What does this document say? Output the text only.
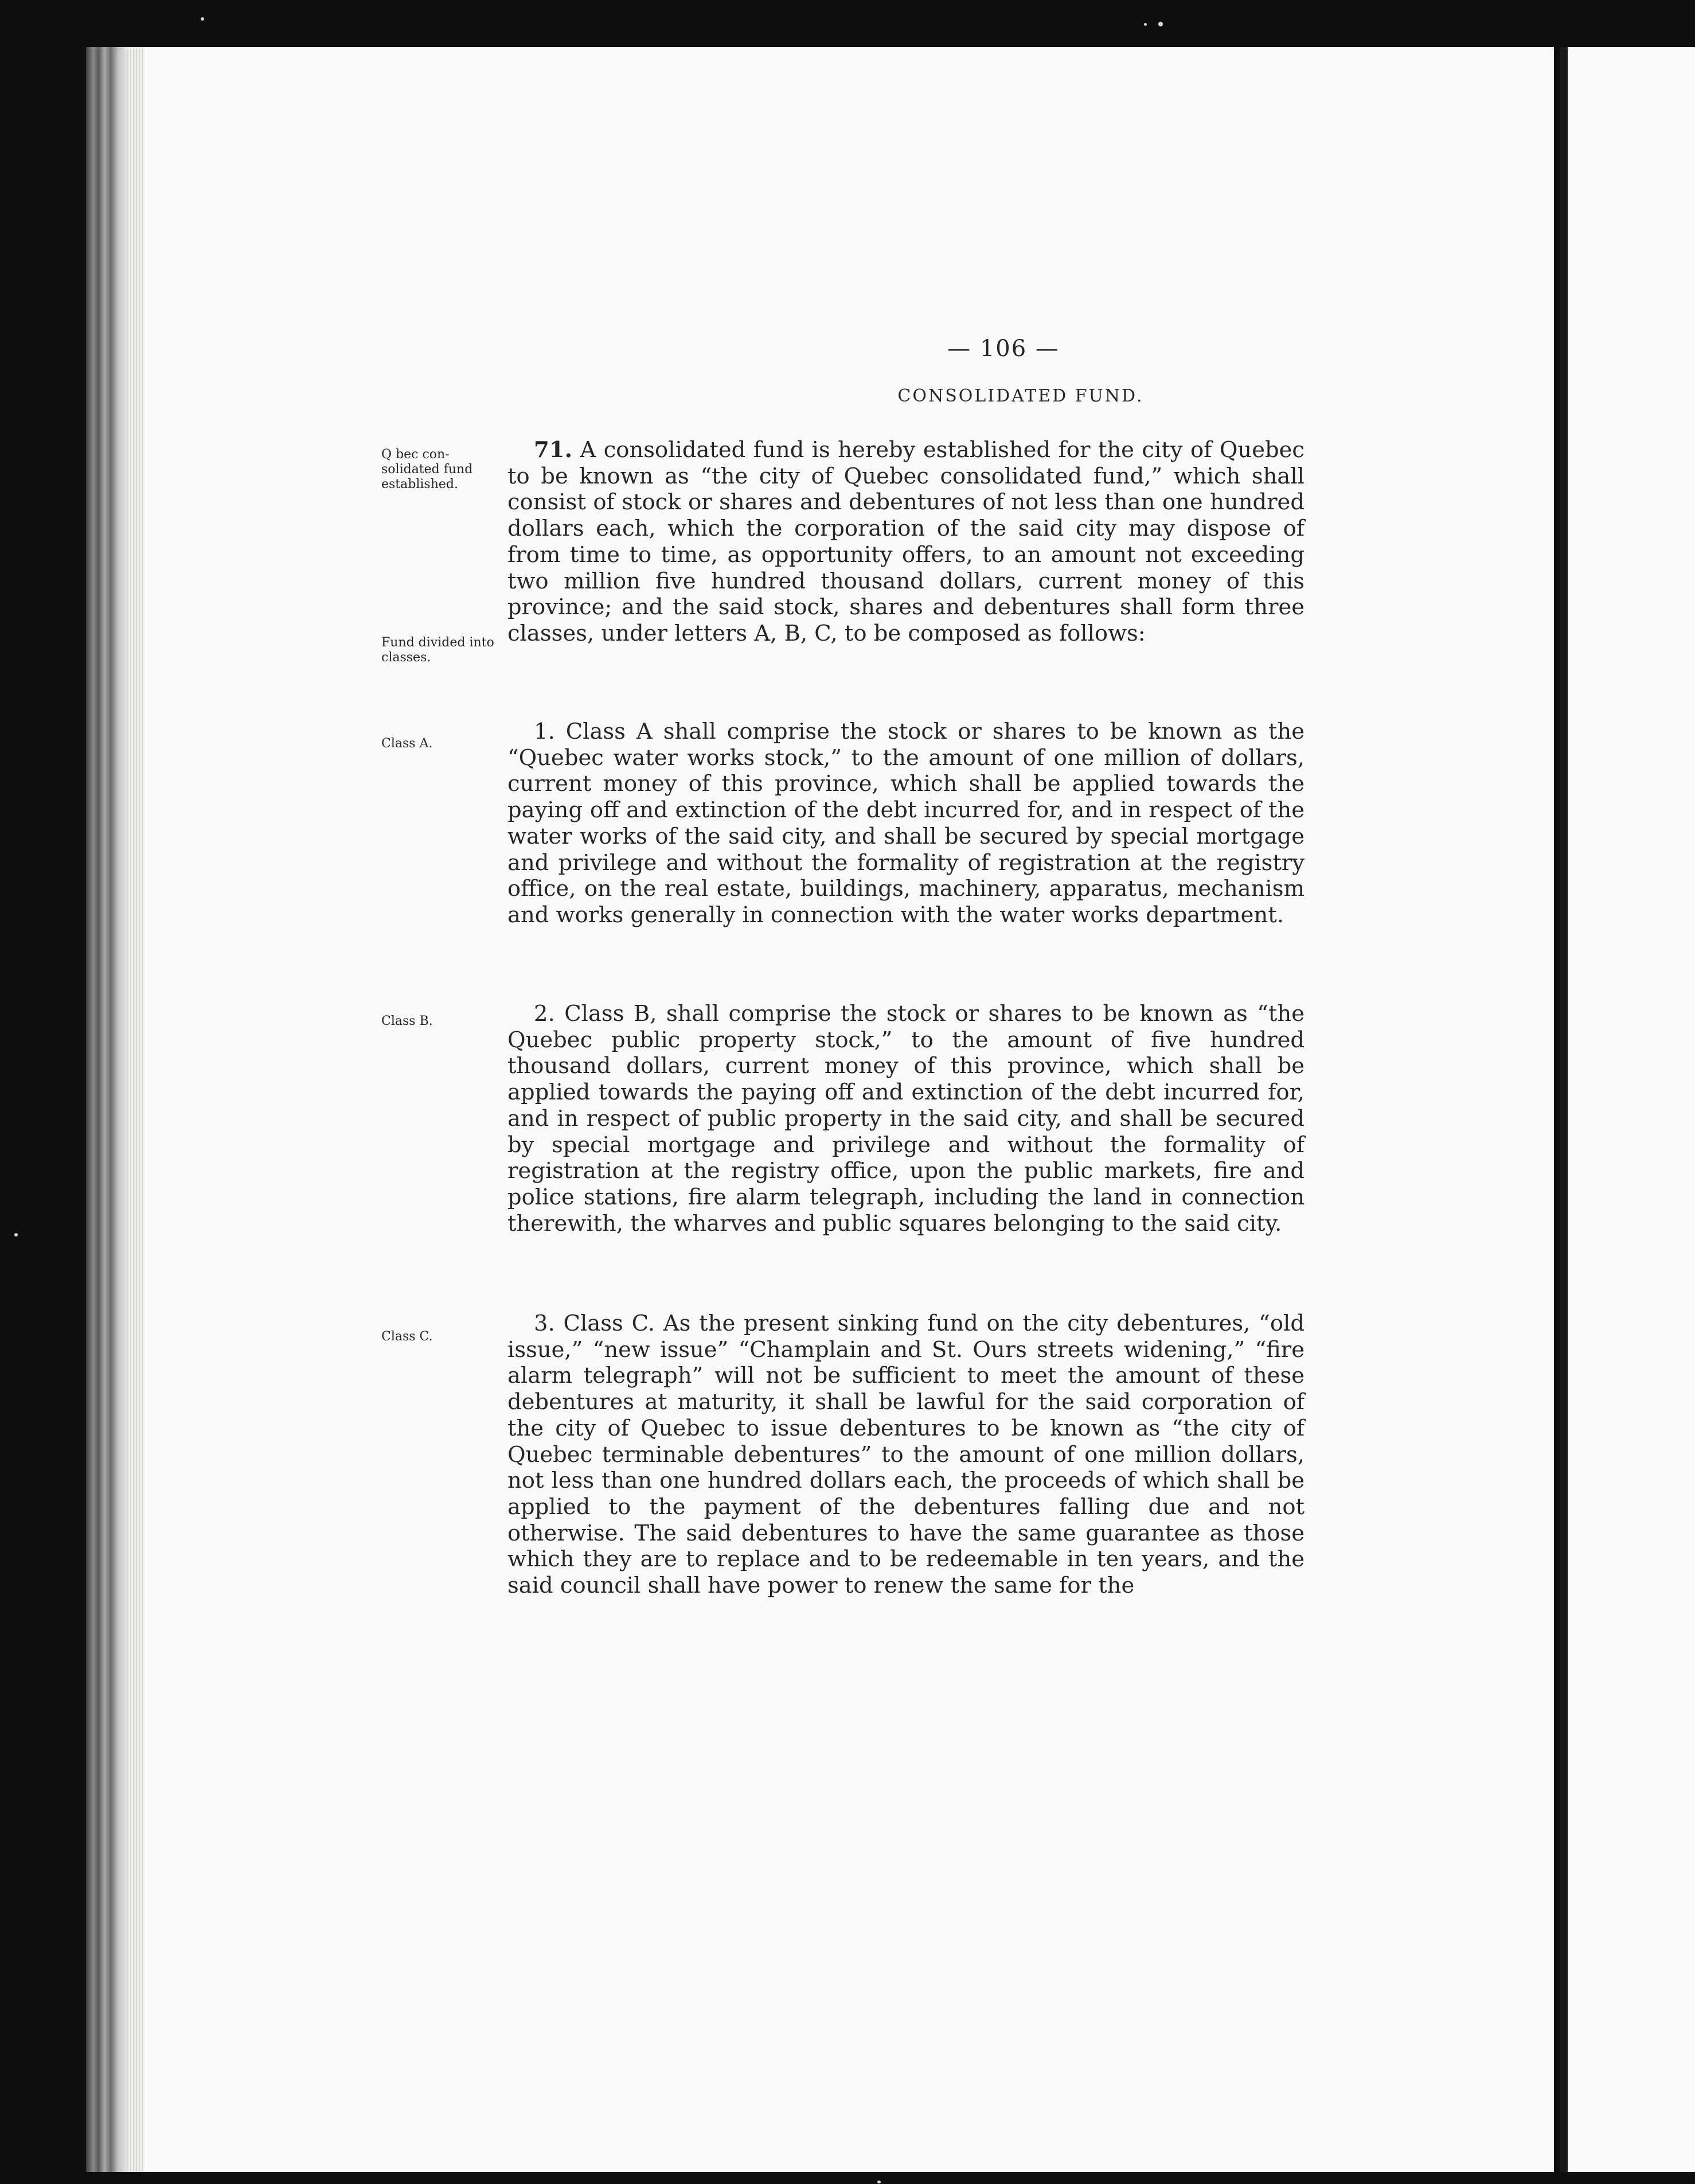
— 106 —
CONSOLIDATED FUND.
Q bec con-solidated fund established.
Fund divided into classes.
Class A.
Class B.
Class C.

71. A consolidated fund is hereby established for the city of Quebec to be known as “the city of Quebec consolidated fund,” which shall consist of stock or shares and debentures of not less than one hundred dollars each, which the corporation of the said city may dispose of from time to time, as opportunity offers, to an amount not exceeding two million five hundred thousand dollars, current money of this province; and the said stock, shares and debentures shall form three classes, under letters A, B, C, to be composed as follows:

1. Class A shall comprise the stock or shares to be known as the “Quebec water works stock,” to the amount of one million of dollars, current money of this province, which shall be applied towards the paying off and extinction of the debt incurred for, and in respect of the water works of the said city, and shall be secured by special mortgage and privilege and without the formality of registration at the registry office, on the real estate, buildings, machinery, apparatus, mechanism and works generally in connection with the water works department.

2. Class B, shall comprise the stock or shares to be known as “the Quebec public property stock,” to the amount of five hundred thousand dollars, current money of this province, which shall be applied towards the paying off and extinction of the debt incurred for, and in respect of public property in the said city, and shall be secured by special mortgage and privilege and without the formality of registration at the registry office, upon the public markets, fire and police stations, fire alarm telegraph, including the land in connection therewith, the wharves and public squares belonging to the said city.

3. Class C. As the present sinking fund on the city debentures, “old issue,” “new issue” “Champlain and St. Ours streets widening,” “fire alarm telegraph” will not be sufficient to meet the amount of these debentures at maturity, it shall be lawful for the said corporation of the city of Quebec to issue debentures to be known as “the city of Quebec terminable debentures” to the amount of one million dollars, not less than one hundred dollars each, the proceeds of which shall be applied to the payment of the debentures falling due and not otherwise. The said debentures to have the same guarantee as those which they are to replace and to be redeemable in ten years, and the said council shall have power to renew the same for the
